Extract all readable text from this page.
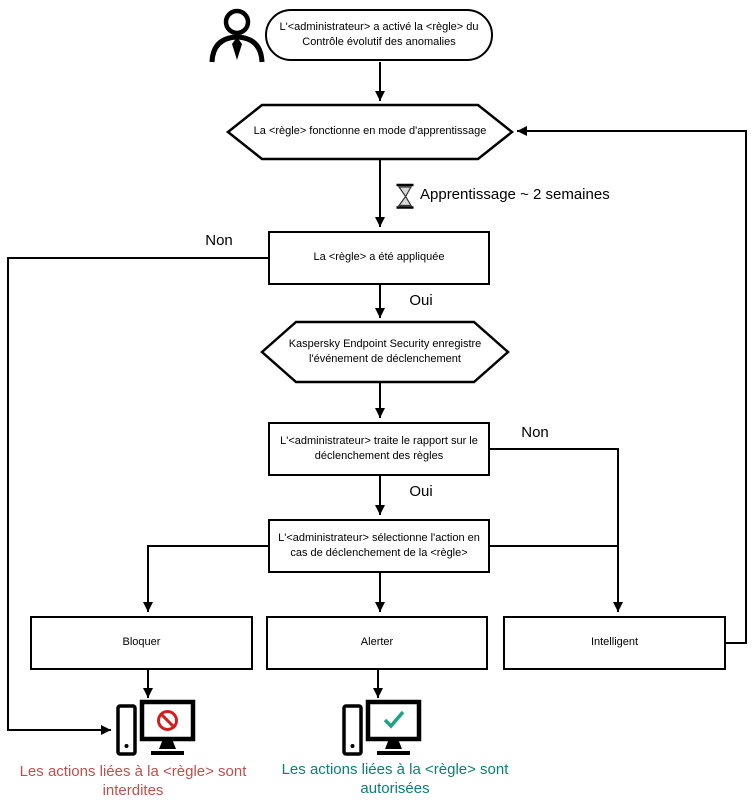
L'<administrateur> a activé la <règle> du
Contrôle évolutif des anomalies
La <règle> fonctionne en mode d'apprentissage
Apprentissage ~ 2 semaines
La <règle> a été appliquée
Non
Oui
Kaspersky Endpoint Security enregistre
l'événement de déclenchement
L'<administrateur> traite le rapport sur le
déclenchement des règles
Non
Oui
L'<administrateur> sélectionne l'action en
cas de déclenchement de la <règle>
Bloquer	Alerter	Intelligent
Les actions liées à la <règle> sont
interdites
Les actions liées à la <règle> sont
autorisées
